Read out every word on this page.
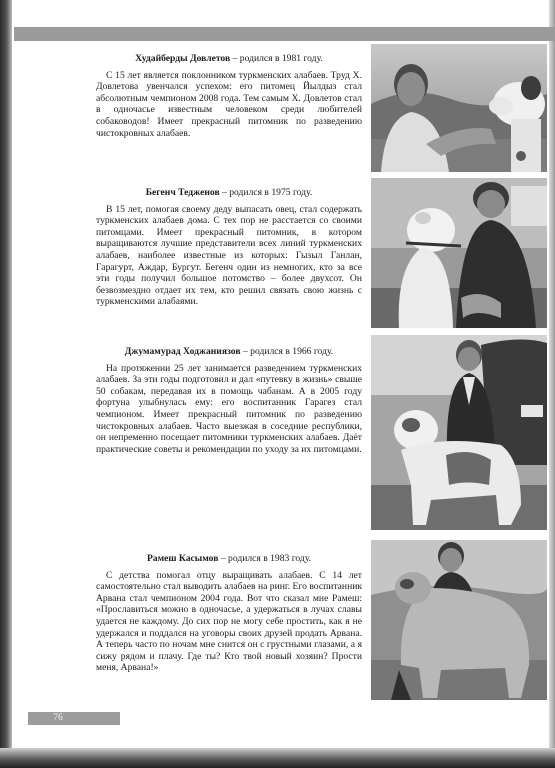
Худайберды Довлетов – родился в 1981 году.

С 15 лет является поклонником туркменских алабаев. Труд Х. Довлетова увенчался успехом: его питомец Йылдыз стал абсолютным чемпионом 2008 года. Тем самым Х. Довлетов стал в одночасье известным человеком среди любителей собаководов! Имеет прекрасный питомник по разведению чистокровных алабаев.

Бегенч Теджeнов – родился в 1975 году.

В 15 лет, помогая своему деду выпасать овец, стал содержать туркменских алабаев дома. С тех пор не расстается со своими питомцами. Имеет прекрасный питомник, в котором выращиваются лучшие представители всех линий туркменских алабаев, наиболее известные из которых: Гызыл Ганлан, Гарагурт, Аждар, Бургут. Бегенч один из немногих, кто за все эти годы получил большое потомство – более двухсот. Он безвозмездно отдает их тем, кто решил связать свою жизнь с туркменскими алабаями.

Джумамурад Ходжаниязов – родился в 1966 году.

На протяжении 25 лет занимается разведением туркменских алабаев. За эти годы подготовил и дал «путевку в жизнь» свыше 50 собакам, передавая их в помощь чабанам. А в 2005 году фортуна улыбнулась ему: его воспитанник Гарагез стал чемпионом. Имеет прекрасный питомник по разведению чистокровных алабаев. Часто выезжая в соседние республики, он непременно посещает питомники туркменских алабаев. Даёт практические советы и рекомендации по уходу за их питомцами.

Рамеш Касымов – родился в 1983 году.

С детства помогал отцу выращивать алабаев. С 14 лет самостоятельно стал выводить алабаев на ринг. Его воспитанник Арвана стал чемпионом 2004 года. Вот что сказал мне Рамеш: «Прославиться можно в одночасье, а удержаться в лучах славы удается не каждому. До сих пор не могу себе простить, как я не удержался и поддался на уговоры своих друзей продать Арвана. А теперь часто по ночам мне снится он с грустными глазами, а я сижу рядом и плачу. Где ты? Кто твой новый хозяин? Прости меня, Арвана!»

76
